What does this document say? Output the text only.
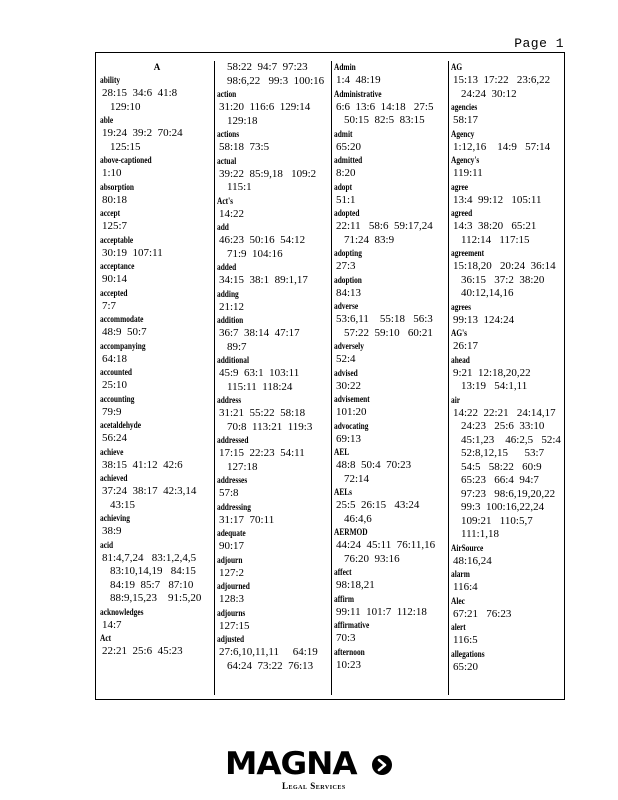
Page 1
A
ability
28:15  34:6  41:8
129:10
able
19:24  39:2  70:24
125:15
above-captioned
1:10
absorption
80:18
accept
125:7
acceptable
30:19  107:11
acceptance
90:14
accepted
7:7
accommodate
48:9  50:7
accompanying
64:18
accounted
25:10
accounting
79:9
acetaldehyde
56:24
achieve
38:15  41:12  42:6
achieved
37:24  38:17  42:3,14
43:15
achieving
38:9
acid
81:4,7,24   83:1,2,4,5
83:10,14,19   84:15
84:19  85:7   87:10
88:9,15,23    91:5,20
acknowledges
14:7
Act
22:21  25:6  45:23
58:22  94:7  97:23
98:6,22   99:3  100:16
action
31:20  116:6  129:14
129:18
actions
58:18  73:5
actual
39:22  85:9,18   109:2
115:1
Act's
14:22
add
46:23  50:16  54:12
71:9  104:16
added
34:15  38:1  89:1,17
adding
21:12
addition
36:7  38:14  47:17
89:7
additional
45:9  63:1  103:11
115:11  118:24
address
31:21  55:22  58:18
70:8  113:21  119:3
addressed
17:15  22:23  54:11
127:18
addresses
57:8
addressing
31:17  70:11
adequate
90:17
adjourn
127:2
adjourned
128:3
adjourns
127:15
adjusted
27:6,10,11,11     64:19
64:24  73:22  76:13
Admin
1:4  48:19
Administrative
6:6  13:6  14:18   27:5
50:15  82:5  83:15
admit
65:20
admitted
8:20
adopt
51:1
adopted
22:11   58:6  59:17,24
71:24  83:9
adopting
27:3
adoption
84:13
adverse
53:6,11    55:18   56:3
57:22  59:10   60:21
adversely
52:4
advised
30:22
advisement
101:20
advocating
69:13
AEL
48:8  50:4  70:23
72:14
AELs
25:5  26:15   43:24
46:4,6
AERMOD
44:24  45:11  76:11,16
76:20  93:16
affect
98:18,21
affirm
99:11  101:7  112:18
affirmative
70:3
afternoon
10:23
AG
15:13  17:22   23:6,22
24:24  30:12
agencies
58:17
Agency
1:12,16    14:9   57:14
Agency's
119:11
agree
13:4  99:12   105:11
agreed
14:3  38:20   65:21
112:14   117:15
agreement
15:18,20   20:24  36:14
36:15   37:2  38:20
40:12,14,16
agrees
99:13  124:24
AG's
26:17
ahead
9:21  12:18,20,22
13:19   54:1,11
air
14:22  22:21   24:14,17
24:23   25:6  33:10
45:1,23    46:2,5   52:4
52:8,12,15      53:7
54:5   58:22   60:9
65:23   66:4  94:7
97:23   98:6,19,20,22
99:3  100:16,22,24
109:21   110:5,7
111:1,18
AirSource
48:16,24
alarm
116:4
Alec
67:21   76:23
alert
116:5
allegations
65:20
MAGNA
Legal Services
